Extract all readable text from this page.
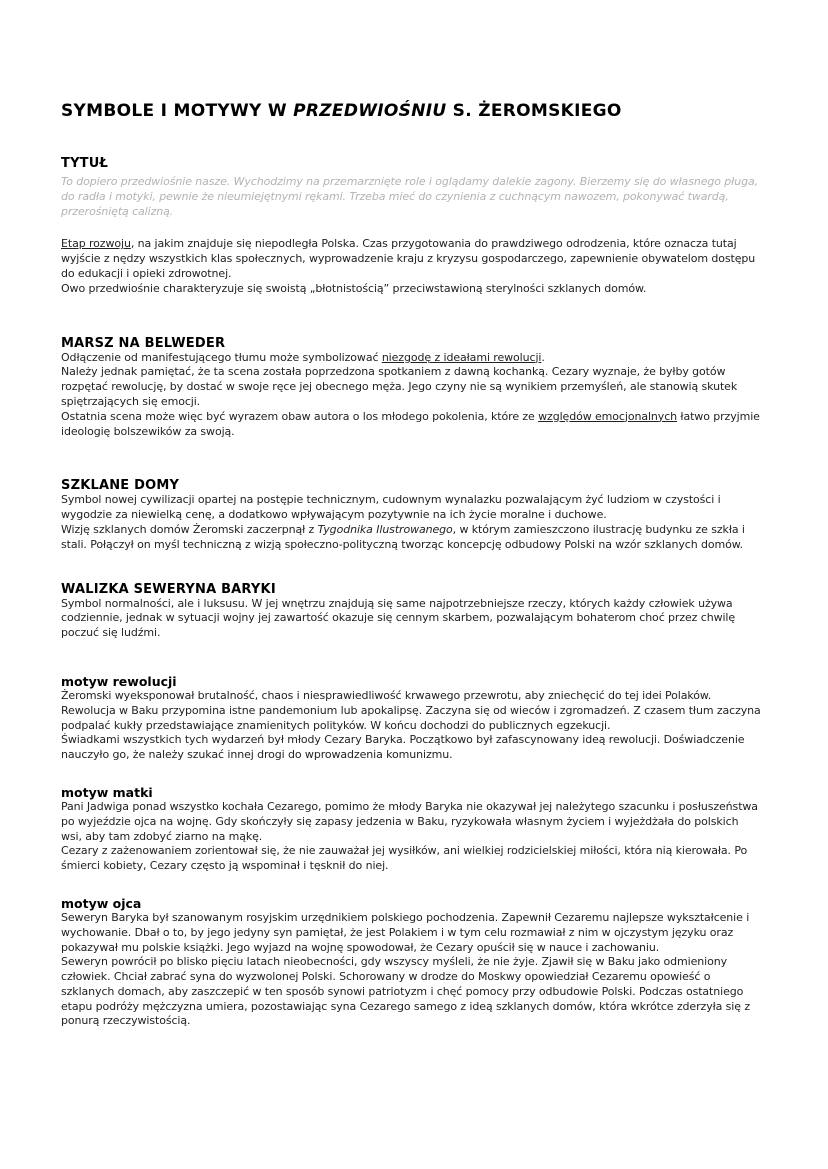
SYMBOLE I MOTYWY W PRZEDWIOŚNIU S. ŻEROMSKIEGO
TYTUŁ

To dopiero przedwiośnie nasze. Wychodzimy na przemarznięte role i oglądamy dalekie zagony. Bierzemy się do własnego pługa, do radła i motyki, pewnie że nieumiejętnymi rękami. Trzeba mieć do czynienia z cuchnącym nawozem, pokonywać twardą, przerośniętą calizną.

Etap rozwoju, na jakim znajduje się niepodległa Polska. Czas przygotowania do prawdziwego odrodzenia, które oznacza tutaj wyjście z nędzy wszystkich klas społecznych, wyprowadzenie kraju z kryzysu gospodarczego, zapewnienie obywatelom dostępu do edukacji i opieki zdrowotnej.

Owo przedwiośnie charakteryzuje się swoistą „błotnistością” przeciwstawioną sterylności szklanych domów.

MARSZ NA BELWEDER

Odłączenie od manifestującego tłumu może symbolizować niezgodę z ideałami rewolucji.

Należy jednak pamiętać, że ta scena została poprzedzona spotkaniem z dawną kochanką. Cezary wyznaje, że byłby gotów rozpętać rewolucję, by dostać w swoje ręce jej obecnego męża. Jego czyny nie są wynikiem przemyśleń, ale stanowią skutek spiętrzających się emocji.

Ostatnia scena może więc być wyrazem obaw autora o los młodego pokolenia, które ze względów emocjonalnych łatwo przyjmie ideologię bolszewików za swoją.

SZKLANE DOMY

Symbol nowej cywilizacji opartej na postępie technicznym, cudownym wynalazku pozwalającym żyć ludziom w czystości i wygodzie za niewielką cenę, a dodatkowo wpływającym pozytywnie na ich życie moralne i duchowe.

Wizję szklanych domów Żeromski zaczerpnął z Tygodnika Ilustrowanego, w którym zamieszczono ilustrację budynku ze szkła i stali. Połączył on myśl techniczną z wizją społeczno-polityczną tworząc koncepcję odbudowy Polski na wzór szklanych domów.

WALIZKA SEWERYNA BARYKI

Symbol normalności, ale i luksusu. W jej wnętrzu znajdują się same najpotrzebniejsze rzeczy, których każdy człowiek używa codziennie, jednak w sytuacji wojny jej zawartość okazuje się cennym skarbem, pozwalającym bohaterom choć przez chwilę poczuć się ludźmi.

motyw rewolucji

Żeromski wyeksponował brutalność, chaos i niesprawiedliwość krwawego przewrotu, aby zniechęcić do tej idei Polaków. Rewolucja w Baku przypomina istne pandemonium lub apokalipsę. Zaczyna się od wieców i zgromadzeń. Z czasem tłum zaczyna podpalać kukły przedstawiające znamienitych polityków. W końcu dochodzi do publicznych egzekucji.

Świadkami wszystkich tych wydarzeń był młody Cezary Baryka. Początkowo był zafascynowany ideą rewolucji. Doświadczenie nauczyło go, że należy szukać innej drogi do wprowadzenia komunizmu.

motyw matki

Pani Jadwiga ponad wszystko kochała Cezarego, pomimo że młody Baryka nie okazywał jej należytego szacunku i posłuszeństwa po wyjeździe ojca na wojnę. Gdy skończyły się zapasy jedzenia w Baku, ryzykowała własnym życiem i wyjeżdżała do polskich wsi, aby tam zdobyć ziarno na mąkę.

Cezary z zażenowaniem zorientował się, że nie zauważał jej wysiłków, ani wielkiej rodzicielskiej miłości, która nią kierowała. Po śmierci kobiety, Cezary często ją wspominał i tęsknił do niej.

motyw ojca

Seweryn Baryka był szanowanym rosyjskim urzędnikiem polskiego pochodzenia. Zapewnił Cezaremu najlepsze wykształcenie i wychowanie. Dbał o to, by jego jedyny syn pamiętał, że jest Polakiem i w tym celu rozmawiał z nim w ojczystym języku oraz pokazywał mu polskie książki. Jego wyjazd na wojnę spowodował, że Cezary opuścił się w nauce i zachowaniu.

Seweryn powrócił po blisko pięciu latach nieobecności, gdy wszyscy myśleli, że nie żyje. Zjawił się w Baku jako odmieniony człowiek. Chciał zabrać syna do wyzwolonej Polski. Schorowany w drodze do Moskwy opowiedział Cezaremu opowieść o szklanych domach, aby zaszczepić w ten sposób synowi patriotyzm i chęć pomocy przy odbudowie Polski. Podczas ostatniego etapu podróży mężczyzna umiera, pozostawiając syna Cezarego samego z ideą szklanych domów, która wkrótce zderzyła się z ponurą rzeczywistością.
